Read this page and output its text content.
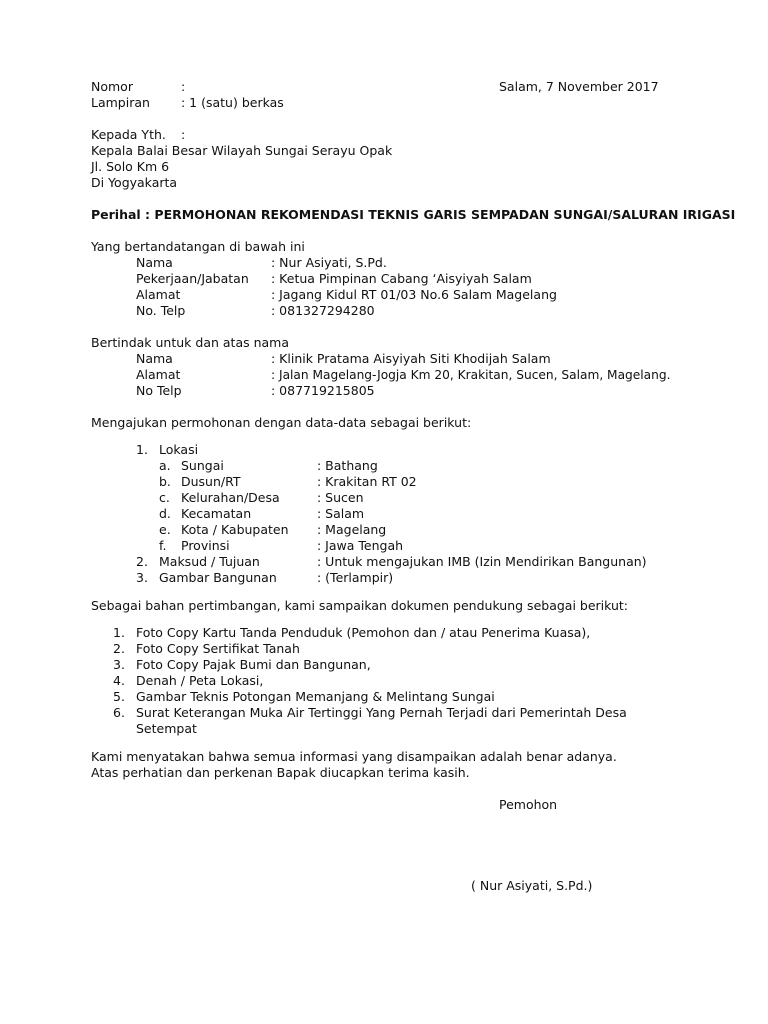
Nomor	:	Salam, 7 November 2017
Lampiran : 1 (satu) berkas
Kepada Yth. :
Kepala Balai Besar Wilayah Sungai Serayu Opak
Jl. Solo Km 6
Di Yogyakarta
Perihal : PERMOHONAN REKOMENDASI TEKNIS GARIS SEMPADAN SUNGAI/SALURAN IRIGASI
Yang bertandatangan di bawah ini
Nama	: Nur Asiyati, S.Pd.
Pekerjaan/Jabatan : Ketua Pimpinan Cabang ‘Aisyiyah Salam
Alamat	: Jagang Kidul RT 01/03 No.6 Salam Magelang
No. Telp	: 081327294280
Bertindak untuk dan atas nama
Nama	: Klinik Pratama Aisyiyah Siti Khodijah Salam
Alamat	: Jalan Magelang-Jogja Km 20, Krakitan, Sucen, Salam, Magelang.
No Telp	: 087719215805
Mengajukan permohonan dengan data-data sebagai berikut:
1. Lokasi
a. Sungai	: Bathang
b. Dusun/RT	: Krakitan RT 02
c. Kelurahan/Desa	: Sucen
d. Kecamatan	: Salam
e. Kota / Kabupaten : Magelang
f. Provinsi	: Jawa Tengah
2. Maksud / Tujuan	: Untuk mengajukan IMB (Izin Mendirikan Bangunan)
3. Gambar Bangunan	: (Terlampir)
Sebagai bahan pertimbangan, kami sampaikan dokumen pendukung sebagai berikut:
1. Foto Copy Kartu Tanda Penduduk (Pemohon dan / atau Penerima Kuasa),
2. Foto Copy Sertifikat Tanah
3. Foto Copy Pajak Bumi dan Bangunan,
4. Denah / Peta Lokasi,
5. Gambar Teknis Potongan Memanjang & Melintang Sungai
6. Surat Keterangan Muka Air Tertinggi Yang Pernah Terjadi dari Pemerintah Desa
Setempat
Kami menyatakan bahwa semua informasi yang disampaikan adalah benar adanya.
Atas perhatian dan perkenan Bapak diucapkan terima kasih.
Pemohon
( Nur Asiyati, S.Pd.)
